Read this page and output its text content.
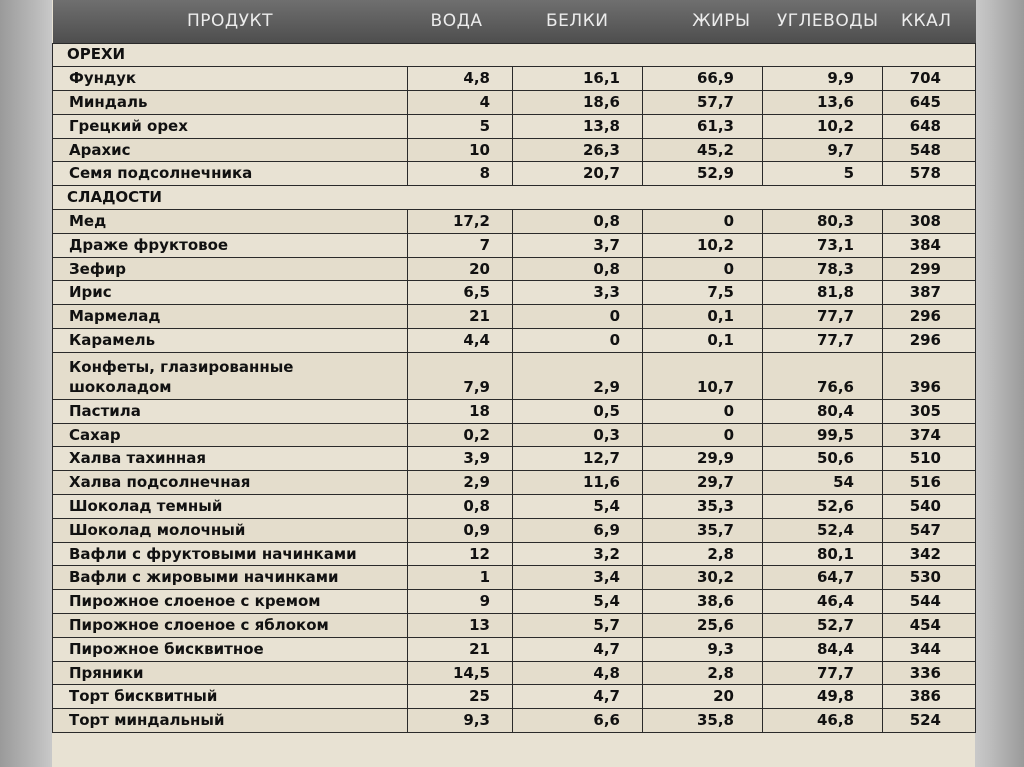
ПРОДУКТ	ВОДА	БЕЛКИ	ЖИРЫ	УГЛЕВОДЫ	ККАЛ
ОРЕХИ					
Фундук	4,8	16,1	66,9	9,9	704
Миндаль	4	18,6	57,7	13,6	645
Грецкий орех	5	13,8	61,3	10,2	648
Арахис	10	26,3	45,2	9,7	548
Семя подсолнечника	8	20,7	52,9	5	578
СЛАДОСТИ					
Мед	17,2	0,8	0	80,3	308
Драже фруктовое	7	3,7	10,2	73,1	384
Зефир	20	0,8	0	78,3	299
Ирис	6,5	3,3	7,5	81,8	387
Мармелад	21	0	0,1	77,7	296
Карамель	4,4	0	0,1	77,7	296
Конфеты, глазированные шоколадом	7,9	2,9	10,7	76,6	396
Пастила	18	0,5	0	80,4	305
Сахар	0,2	0,3	0	99,5	374
Халва тахинная	3,9	12,7	29,9	50,6	510
Халва подсолнечная	2,9	11,6	29,7	54	516
Шоколад темный	0,8	5,4	35,3	52,6	540
Шоколад молочный	0,9	6,9	35,7	52,4	547
Вафли с фруктовыми начинками	12	3,2	2,8	80,1	342
Вафли с жировыми начинками	1	3,4	30,2	64,7	530
Пирожное слоеное с кремом	9	5,4	38,6	46,4	544
Пирожное слоеное с яблоком	13	5,7	25,6	52,7	454
Пирожное бисквитное	21	4,7	9,3	84,4	344
Пряники	14,5	4,8	2,8	77,7	336
Торт бисквитный	25	4,7	20	49,8	386
Торт миндальный	9,3	6,6	35,8	46,8	524
